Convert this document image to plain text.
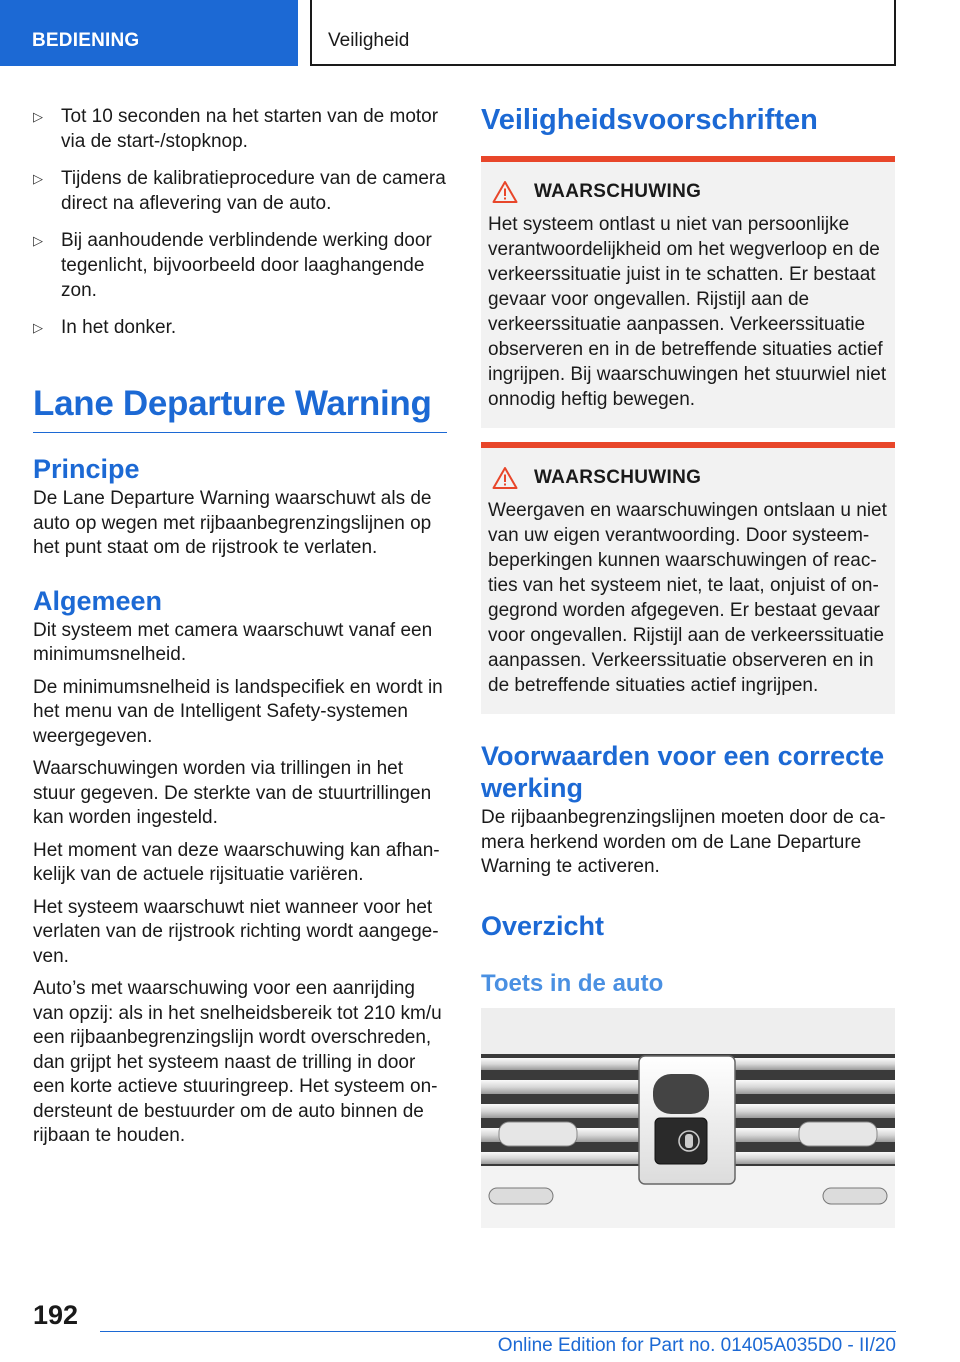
BEDIENING	Veiligheid
▷ Tot 10 seconden na het starten van de motor via de start-/stopknop.
▷ Tijdens de kalibratieprocedure van de camera direct na aflevering van de auto.
▷ Bij aanhoudende verblindende werking door tegenlicht, bijvoorbeeld door laaghangende zon.
▷ In het donker.
Lane Departure Warning
Principe

De Lane Departure Warning waarschuwt als de auto op wegen met rijbaanbegrenzingslijnen op het punt staat om de rijstrook te verlaten.

Algemeen

Dit systeem met camera waarschuwt vanaf een minimumsnelheid.

De minimumsnelheid is landspecifiek en wordt in het menu van de Intelligent Safety-systemen weergegeven.

Waarschuwingen worden via trillingen in het stuur gegeven. De sterkte van de stuurtrillingen kan worden ingesteld.

Het moment van deze waarschuwing kan afhankelijk van de actuele rijsituatie variëren.

Het systeem waarschuwt niet wanneer voor het verlaten van de rijstrook richting wordt aangegeven.

Auto’s met waarschuwing voor een aanrijding van opzij: als in het snelheidsbereik tot 210 km/u een rijbaanbegrenzingslijn wordt overschreden, dan grijpt het systeem naast de trilling in door een korte actieve stuuringreep. Het systeem ondersteunt de bestuurder om de auto binnen de rijbaan te houden.

Veiligheidsvoorschriften
WAARSCHUWING

Het systeem ontlast u niet van persoonlijke verantwoordelijkheid om het wegverloop en de verkeerssituatie juist in te schatten. Er bestaat gevaar voor ongevallen. Rijstijl aan de verkeerssituatie aanpassen. Verkeerssituatie observeren en in de betreffende situaties actief ingrijpen. Bij waarschuwingen het stuurwiel niet onnodig heftig bewegen.

WAARSCHUWING

Weergaven en waarschuwingen ontslaan u niet van uw eigen verantwoording. Door systeembeperkingen kunnen waarschuwingen of reacties van het systeem niet, te laat, onjuist of ongegrond worden afgegeven. Er bestaat gevaar voor ongevallen. Rijstijl aan de verkeerssituatie aanpassen. Verkeerssituatie observeren en in de betreffende situaties actief ingrijpen.

Voorwaarden voor een correcte werking

De rijbaanbegrenzingslijnen moeten door de camera herkend worden om de Lane Departure Warning te activeren.

Overzicht
Toets in de auto
192
Online Edition for Part no. 01405A035D0 - II/20
